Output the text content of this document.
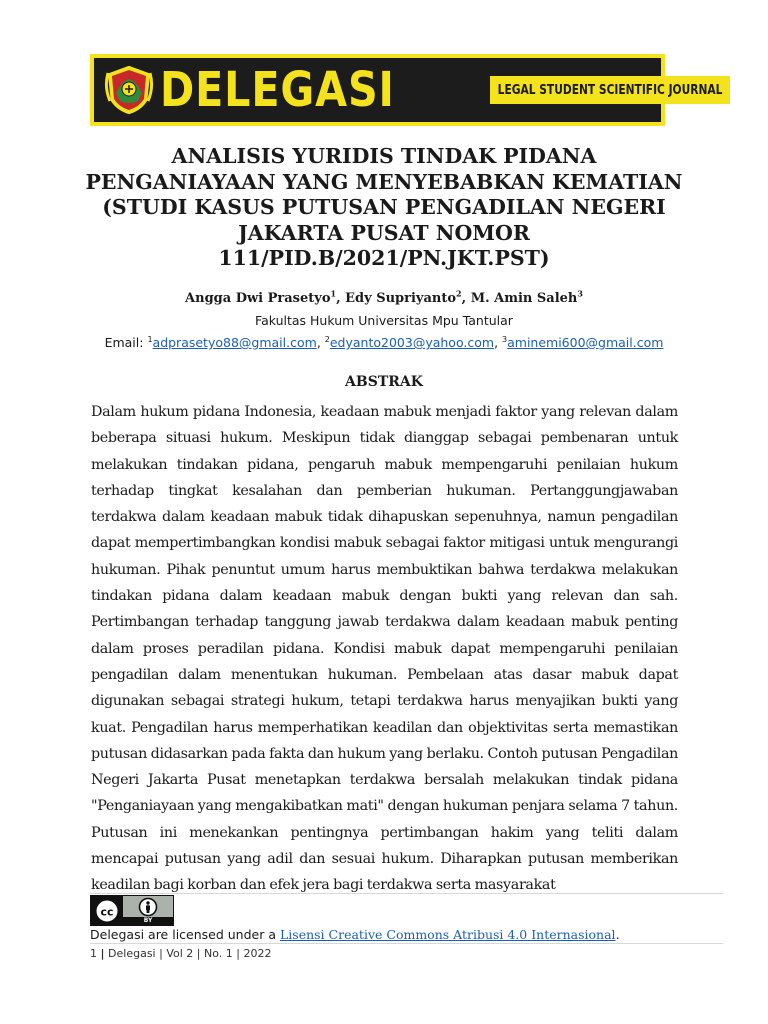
DELEGASI	LEGAL STUDENT SCIENTIFIC JOURNAL
ANALISIS YURIDIS TINDAK PIDANA PENGANIAYAAN YANG MENYEBABKAN KEMATIAN (STUDI KASUS PUTUSAN PENGADILAN NEGERI JAKARTA PUSAT NOMOR 111/PID.B/2021/PN.JKT.PST)
Angga Dwi Prasetyo$^1$, Edy Supriyanto$^2$, M. Amin Saleh$^3$
Fakultas Hukum Universitas Mpu Tantular
Email: $^1$adprasetyo88@gmail.com, $^2$edyanto2003@yahoo.com, $^3$aminemi600@gmail.com
ABSTRAK

Dalam hukum pidana Indonesia, keadaan mabuk menjadi faktor yang relevan dalam beberapa situasi hukum. Meskipun tidak dianggap sebagai pembenaran untuk melakukan tindakan pidana, pengaruh mabuk mempengaruhi penilaian hukum terhadap tingkat kesalahan dan pemberian hukuman. Pertanggungjawaban terdakwa dalam keadaan mabuk tidak dihapuskan sepenuhnya, namun pengadilan dapat mempertimbangkan kondisi mabuk sebagai faktor mitigasi untuk mengurangi hukuman. Pihak penuntut umum harus membuktikan bahwa terdakwa melakukan tindakan pidana dalam keadaan mabuk dengan bukti yang relevan dan sah. Pertimbangan terhadap tanggung jawab terdakwa dalam keadaan mabuk penting dalam proses peradilan pidana. Kondisi mabuk dapat mempengaruhi penilaian pengadilan dalam menentukan hukuman. Pembelaan atas dasar mabuk dapat digunakan sebagai strategi hukum, tetapi terdakwa harus menyajikan bukti yang kuat. Pengadilan harus memperhatikan keadilan dan objektivitas serta memastikan putusan didasarkan pada fakta dan hukum yang berlaku. Contoh putusan Pengadilan Negeri Jakarta Pusat menetapkan terdakwa bersalah melakukan tindak pidana "Penganiayaan yang mengakibatkan mati" dengan hukuman penjara selama 7 tahun. Putusan ini menekankan pentingnya pertimbangan hakim yang teliti dalam mencapai putusan yang adil dan sesuai hukum. Diharapkan putusan memberikan keadilan bagi korban dan efek jera bagi terdakwa serta masyarakat

cc
BY
Delegasi are licensed under a Lisensi Creative Commons Atribusi 4.0 Internasional.
1 | Delegasi | Vol 2 | No. 1 | 2022
